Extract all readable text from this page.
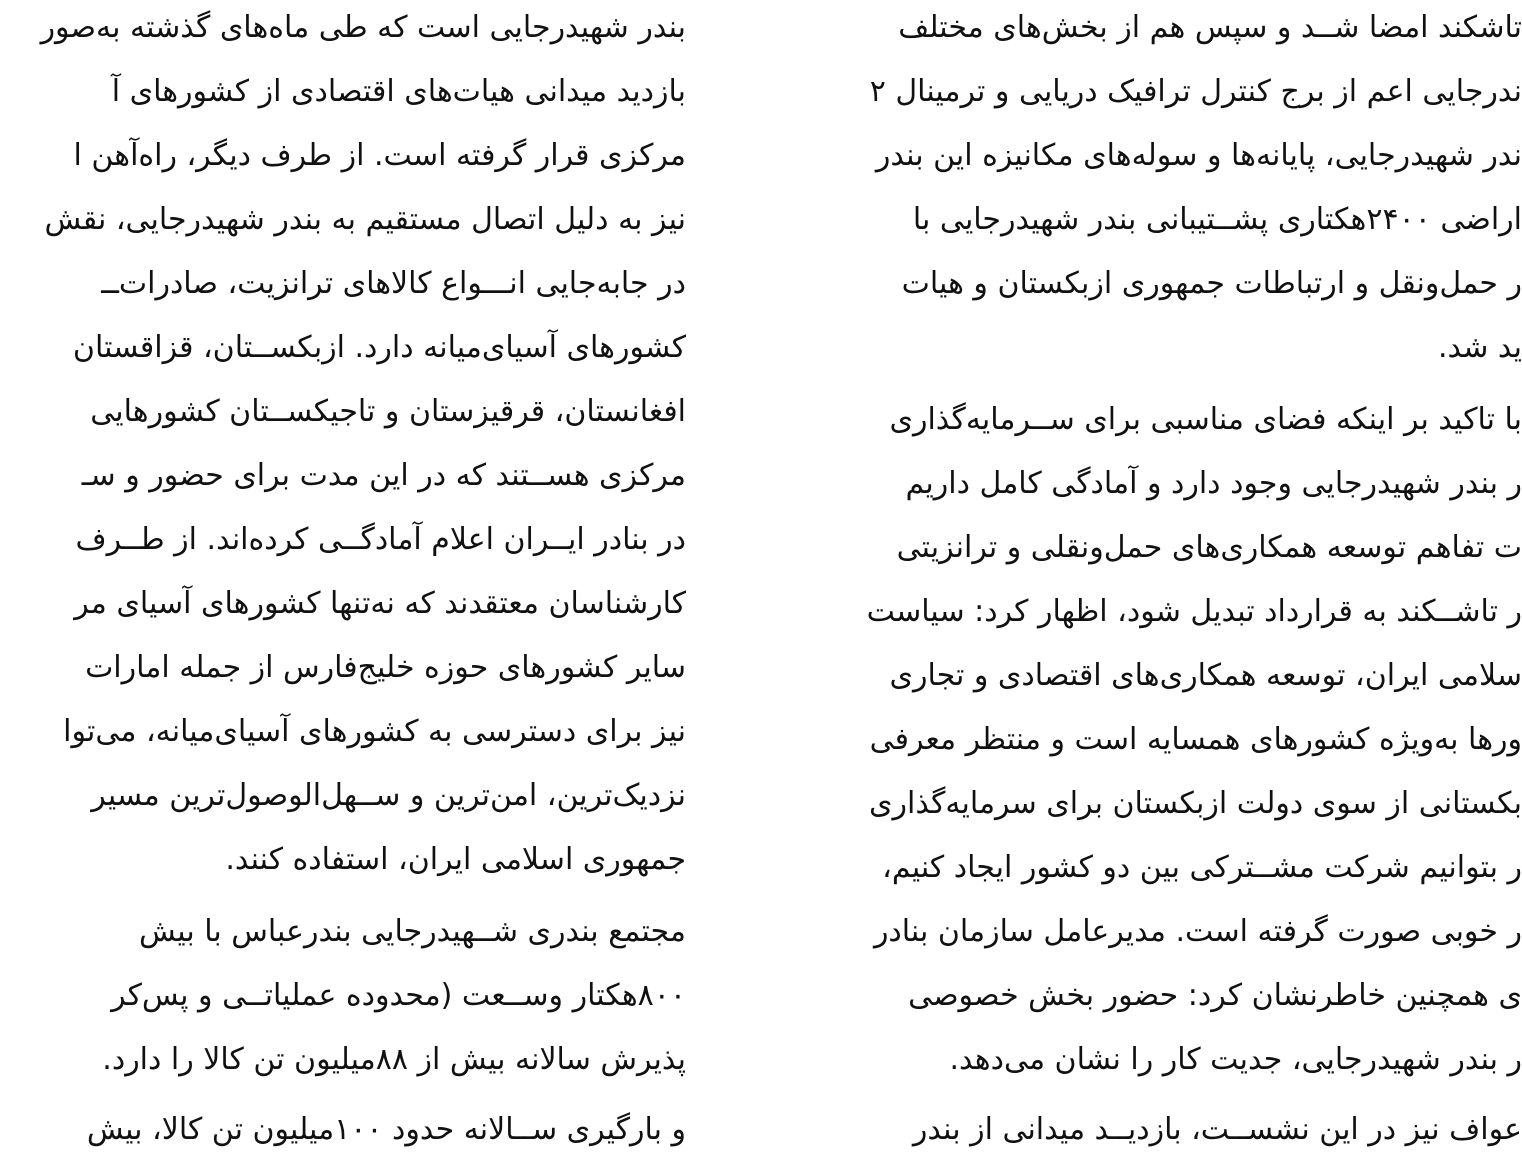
بندر شهیدرجایی است که طی ماه‌های گذشته به‌صور
بازدید میدانی هیات‌های اقتصادی از کشورهای آ
مرکزی قرار گرفته است. از طرف دیگر، راه‌آهن ا
نیز به دلیل اتصال مستقیم به بندر شهیدرجایی، نقش
در جابه‌جایی انـــواع کالاهای ترانزیت، صادرات‌ــ
کشورهای آسیای‌میانه دارد. ازبکســتان، قزاقستان
افغانستان، قرقیزستان و تاجیکســتان کشورهایی
مرکزی هســتند که در این مدت برای حضور و سـ
در بنادر ایــران اعلام آمادگــی کرده‌اند. از طــرف
کارشناسان معتقدند که نه‌تنها کشورهای آسیای مر
سایر کشورهای حوزه خلیج‌فارس از جمله امارات
نیز برای دسترسی به کشورهای آسیای‌میانه، می‌توا
نزدیک‌ترین، امن‌ترین و ســهل‌الوصول‌ترین مسیر
جمهوری اسلامی ایران، استفاده کنند.
مجتمع بندری شــهیدرجایی بندرعباس با بیش
۸۰۰هکتار وســعت (محدوده عملیاتــی و پس‌کر
پذیرش سالانه بیش از ۸۸میلیون تن کالا را دارد.
و بارگیری ســالانه حدود ۱۰۰میلیون تن کالا، بیش
تاشکند امضا شــد و سپس هم از بخش‌های مختلف
ندرجایی اعم از برج کنترل ترافیک دریایی و ترمینال ۲
ندر شهیدرجایی، پایانه‌ها و سوله‌های مکانیزه این بندر
اراضی ۲۴۰۰هکتاری پشــتیبانی بندر شهیدرجایی با
ر حمل‌ونقل و ارتباطات جمهوری ازبکستان و هیات
ید شد.
با تاکید بر اینکه فضای مناسبی برای ســرمایه‌گذاری
ر بندر شهیدرجایی وجود دارد و آمادگی کامل داریم
ت تفاهم توسعه همکاری‌های حمل‌ونقلی و ترانزیتی
ر تاشــکند به قرارداد تبدیل شود، اظهار کرد: سیاست
سلامی ایران، توسعه همکاری‌های اقتصادی و تجاری
ورها به‌ویژه کشورهای همسایه است و منتظر معرفی
بکستانی از سوی دولت ازبکستان برای سرمایه‌گذاری
ر بتوانیم شرکت مشــترکی بین دو کشور ایجاد کنیم،
ر خوبی صورت گرفته است. مدیرعامل سازمان بنادر
ی همچنین خاطرنشان کرد: حضور بخش خصوصی
ر بندر شهیدرجایی، جدیت کار را نشان می‌دهد.
عواف نیز در این نشســت، بازدیــد میدانی از بندر
